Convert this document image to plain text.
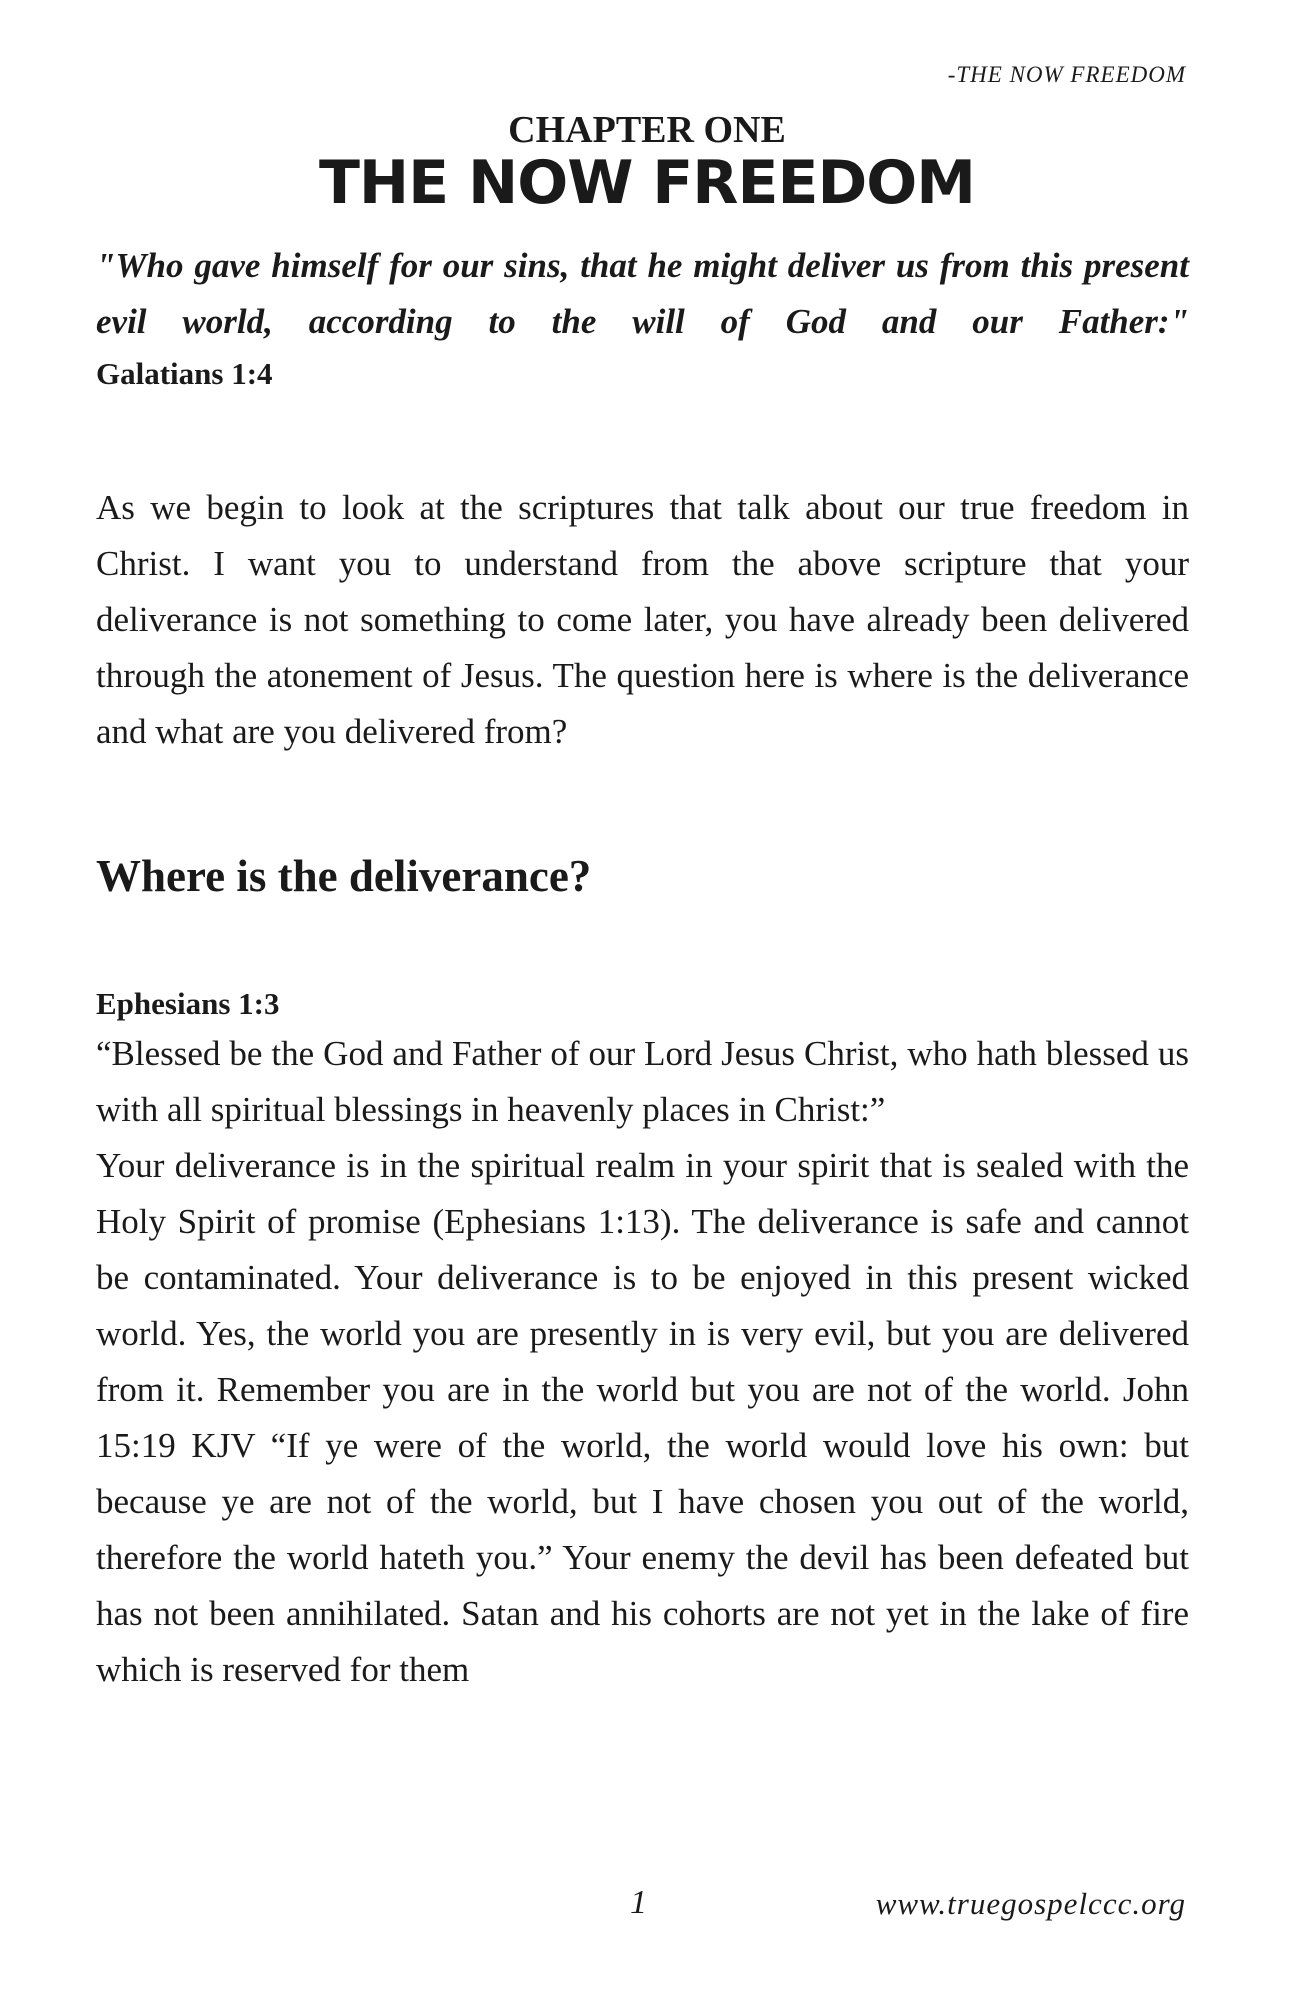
-THE NOW FREEDOM
CHAPTER ONE
THE NOW FREEDOM

"Who gave himself for our sins, that he might deliver us from this present evil world, according to the will of God and our Father:"

Galatians 1:4

As we begin to look at the scriptures that talk about our true freedom in Christ. I want you to understand from the above scripture that your deliverance is not something to come later, you have already been delivered through the atonement of Jesus. The question here is where is the deliverance and what are you delivered from?

Where is the deliverance?

Ephesians 1:3

“Blessed be the God and Father of our Lord Jesus Christ, who hath blessed us with all spiritual blessings in heavenly places in Christ:”

Your deliverance is in the spiritual realm in your spirit that is sealed with the Holy Spirit of promise (Ephesians 1:13). The deliverance is safe and cannot be contaminated. Your deliverance is to be enjoyed in this present wicked world. Yes, the world you are presently in is very evil, but you are delivered from it. Remember you are in the world but you are not of the world. John 15:19 KJV “If ye were of the world, the world would love his own: but because ye are not of the world, but I have chosen you out of the world, therefore the world hateth you.” Your enemy the devil has been defeated but has not been annihilated. Satan and his cohorts are not yet in the lake of fire which is reserved for them

1	www.truegospelccc.org
